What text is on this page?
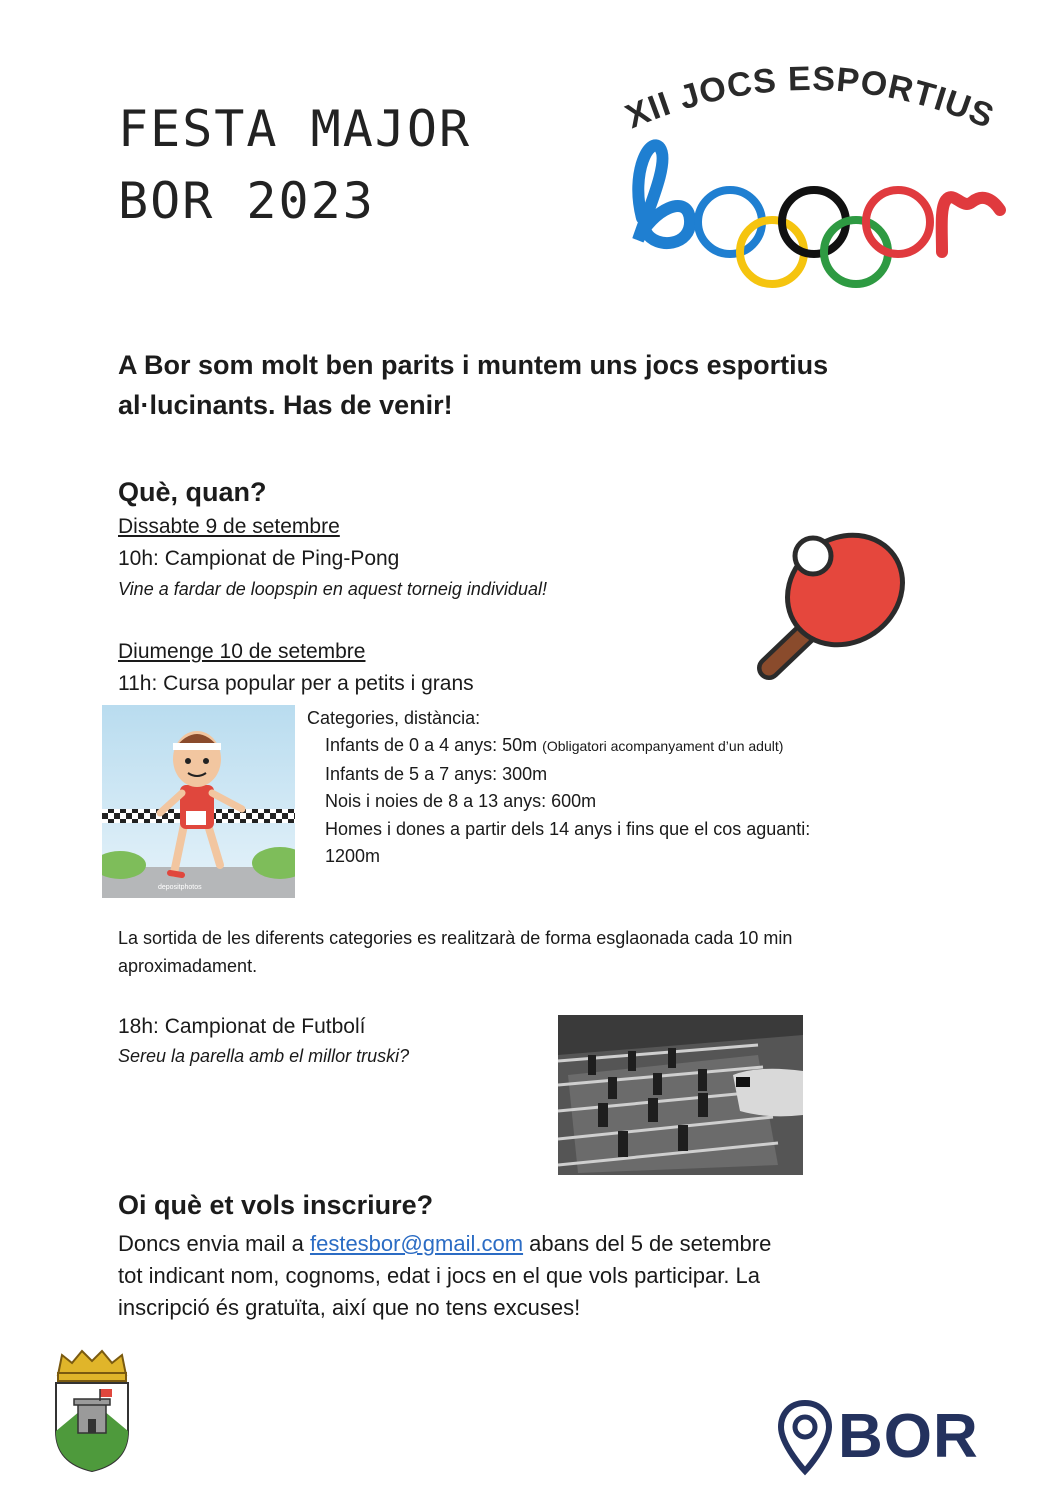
FESTA MAJOR
BOR 2023
XII JOCS ESPORTIUS
A Bor som molt ben parits i muntem uns jocs esportius
al·lucinants. Has de venir!
Què, quan?
Dissabte 9 de setembre
10h: Campionat de Ping-Pong
Vine a fardar de loopspin en aquest torneig individual!
Diumenge 10 de setembre
11h: Cursa popular per a petits i grans
depositphotos
Categories, distància:
Infants de 0 a 4 anys: 50m (Obligatori acompanyament d’un adult)
Infants de 5 a 7 anys: 300m
Nois i noies de 8 a 13 anys: 600m
Homes i dones a partir dels 14 anys i fins que el cos aguanti:
1200m
La sortida de les diferents categories es realitzarà de forma esglaonada cada 10 min
aproximadament.
18h: Campionat de Futbolí
Sereu la parella amb el millor truski?
Oi què et vols inscriure?
Doncs envia mail a festesbor@gmail.com abans del 5 de setembre
tot indicant nom, cognoms, edat i jocs en el que vols participar. La
inscripció és gratuïta, així que no tens excuses!
BOR
